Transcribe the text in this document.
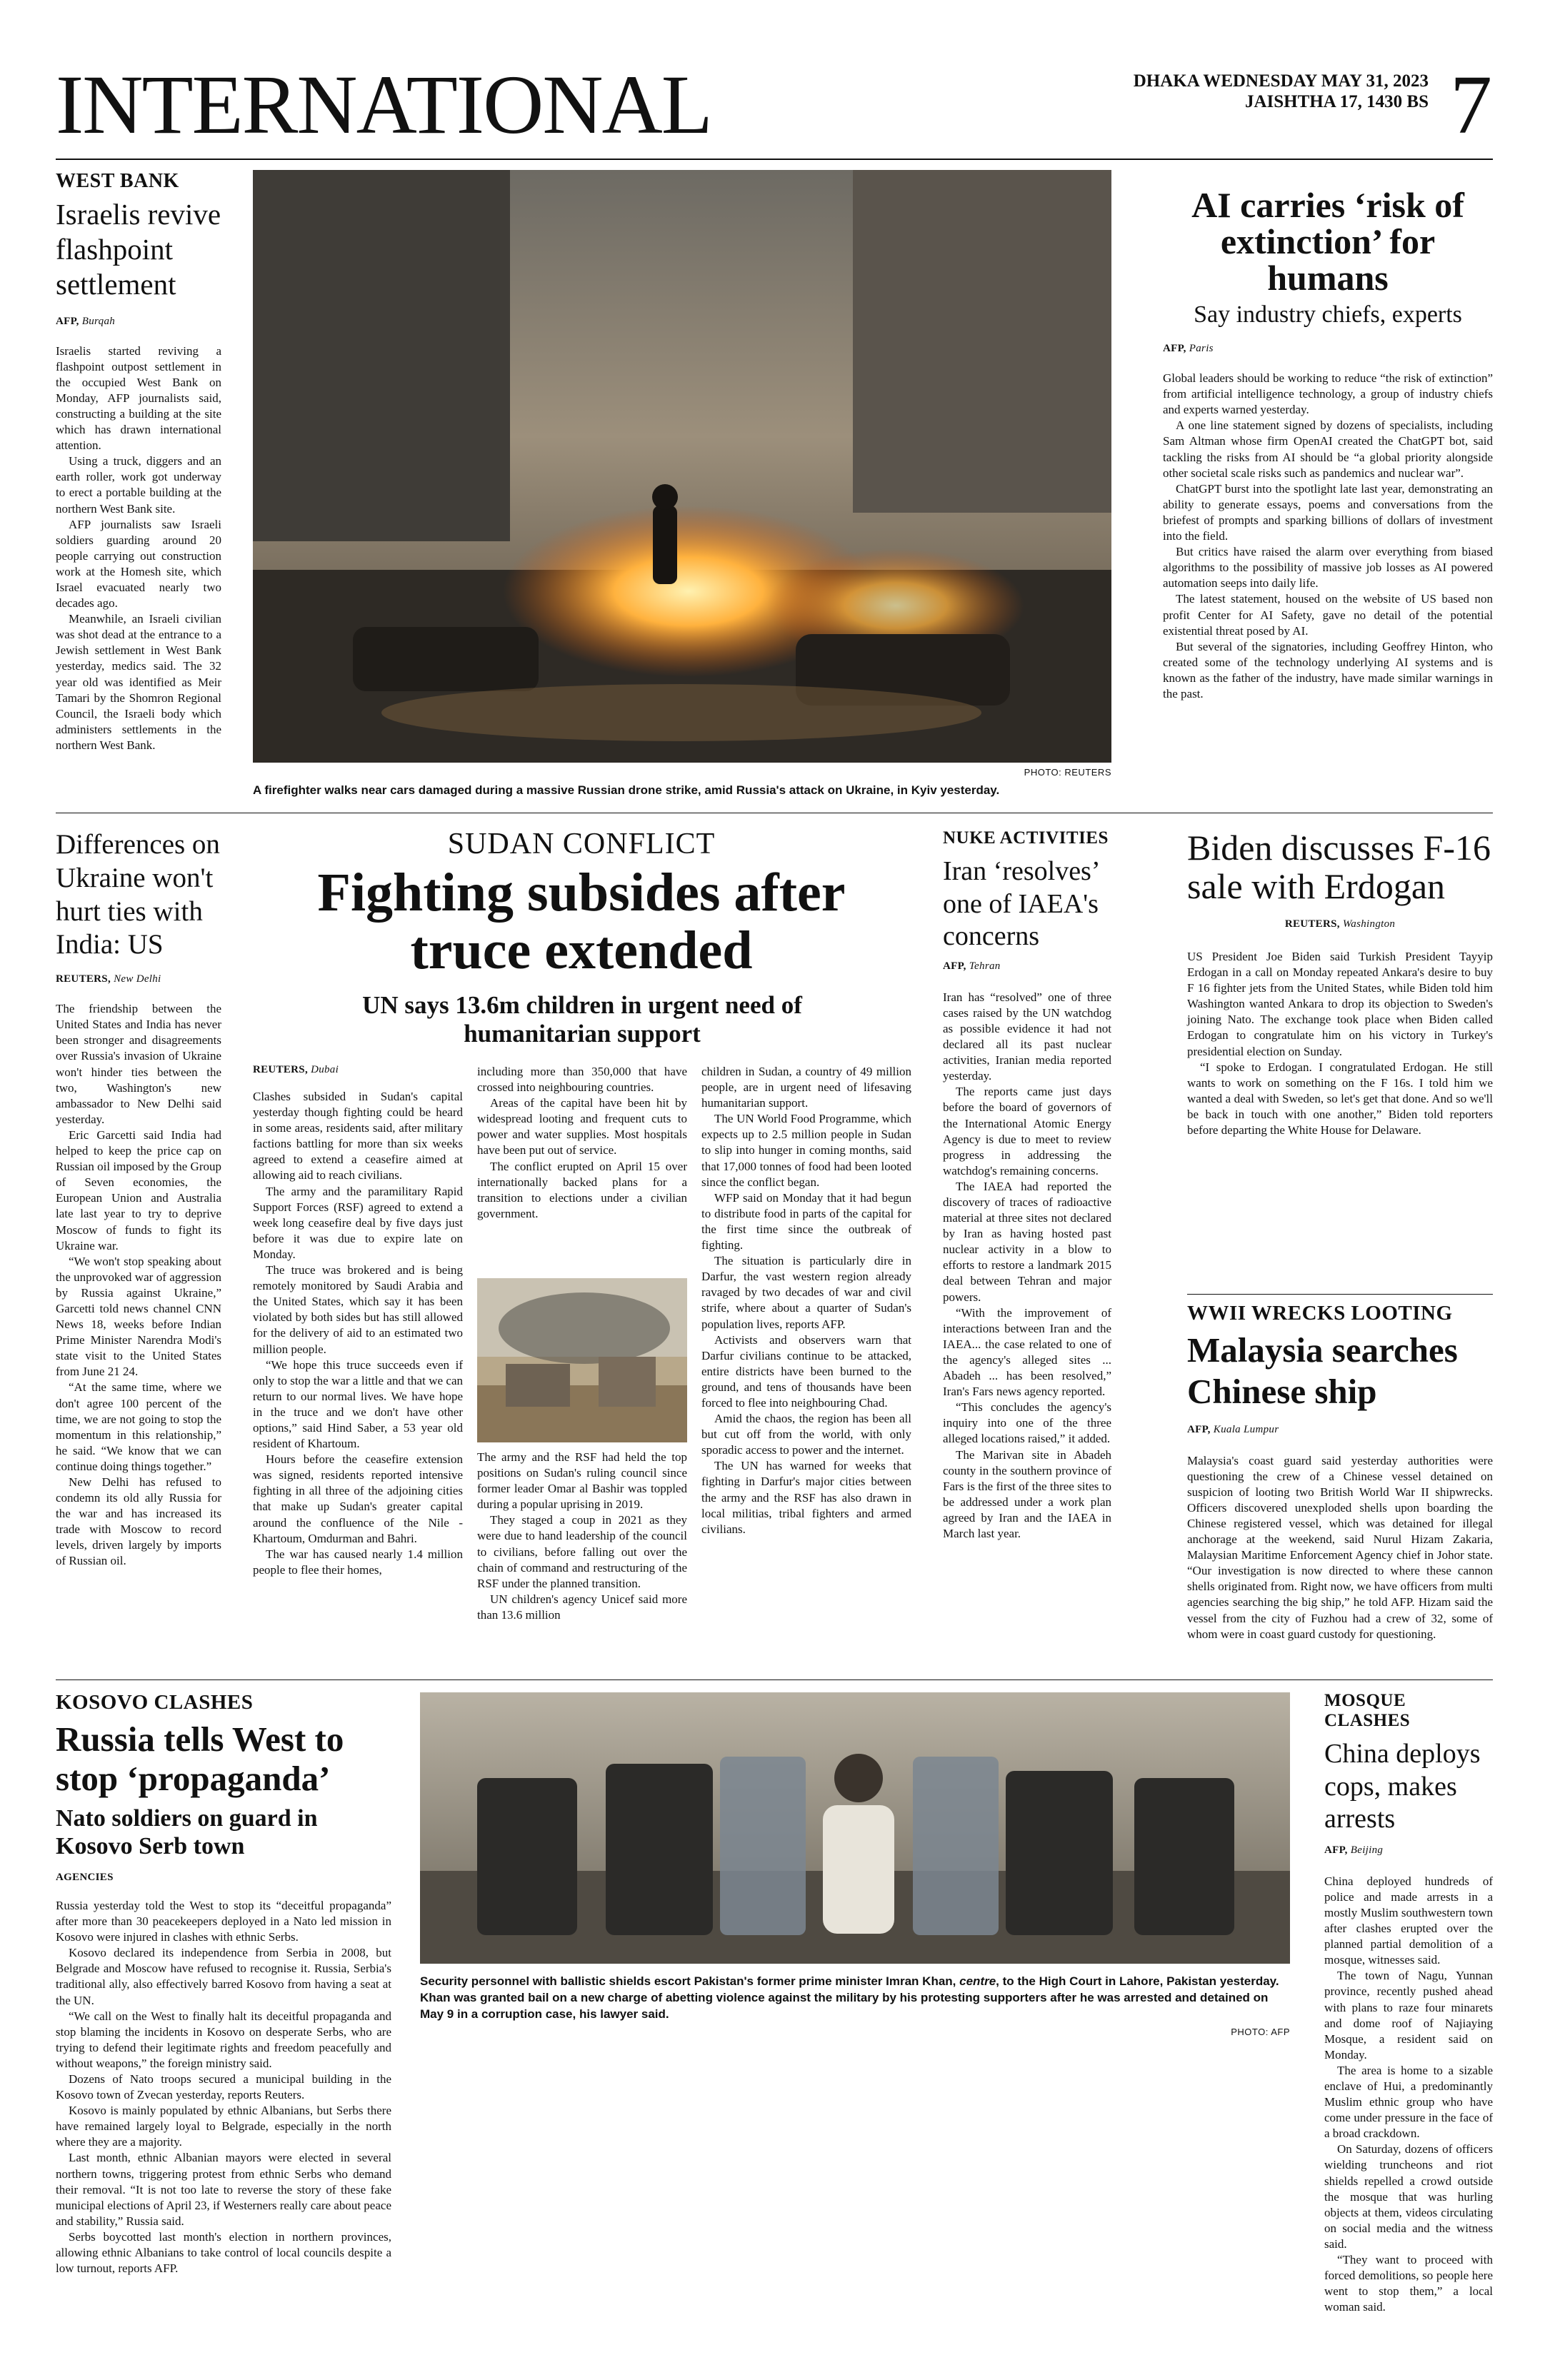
INTERNATIONAL	DHAKA WEDNESDAY MAY 31, 2023
JAISHTHA 17, 1430 BS 7
WEST BANK
Israelis revive flashpoint settlement
AFP, Burqah

Israelis started reviving a flashpoint outpost settlement in the occupied West Bank on Monday, AFP journalists said, constructing a building at the site which has drawn international attention.

Using a truck, diggers and an earth roller, work got underway to erect a portable building at the northern West Bank site.

AFP journalists saw Israeli soldiers guarding around 20 people carrying out construction work at the Homesh site, which Israel evacuated nearly two decades ago.

Meanwhile, an Israeli civilian was shot dead at the entrance to a Jewish settlement in West Bank yesterday, medics said. The 32 year old was identified as Meir Tamari by the Shomron Regional Council, the Israeli body which administers settlements in the northern West Bank.

PHOTO: REUTERS
A firefighter walks near cars damaged during a massive Russian drone strike, amid Russia's attack on Ukraine, in Kyiv yesterday.
AI carries ‘risk of extinction’ for humans
Say industry chiefs, experts
AFP, Paris

Global leaders should be working to reduce “the risk of extinction” from artificial intelligence technology, a group of industry chiefs and experts warned yesterday.

A one line statement signed by dozens of specialists, including Sam Altman whose firm OpenAI created the ChatGPT bot, said tackling the risks from AI should be “a global priority alongside other societal scale risks such as pandemics and nuclear war”.

ChatGPT burst into the spotlight late last year, demonstrating an ability to generate essays, poems and conversations from the briefest of prompts and sparking billions of dollars of investment into the field.

But critics have raised the alarm over everything from biased algorithms to the possibility of massive job losses as AI powered automation seeps into daily life.

The latest statement, housed on the website of US based non profit Center for AI Safety, gave no detail of the potential existential threat posed by AI.

But several of the signatories, including Geoffrey Hinton, who created some of the technology underlying AI systems and is known as the father of the industry, have made similar warnings in the past.

Differences on Ukraine won't hurt ties with India: US
REUTERS, New Delhi

The friendship between the United States and India has never been stronger and disagreements over Russia's invasion of Ukraine won't hinder ties between the two, Washington's new ambassador to New Delhi said yesterday.

Eric Garcetti said India had helped to keep the price cap on Russian oil imposed by the Group of Seven economies, the European Union and Australia late last year to try to deprive Moscow of funds to fight its Ukraine war.

“We won't stop speaking about the unprovoked war of aggression by Russia against Ukraine,” Garcetti told news channel CNN News 18, weeks before Indian Prime Minister Narendra Modi's state visit to the United States from June 21 24.

“At the same time, where we don't agree 100 percent of the time, we are not going to stop the momentum in this relationship,” he said. “We know that we can continue doing things together.”

New Delhi has refused to condemn its old ally Russia for the war and has increased its trade with Moscow to record levels, driven largely by imports of Russian oil.

SUDAN CONFLICT
Fighting subsides after truce extended
UN says 13.6m children in urgent need of humanitarian support
REUTERS, Dubai

Clashes subsided in Sudan's capital yesterday though fighting could be heard in some areas, residents said, after military factions battling for more than six weeks agreed to extend a ceasefire aimed at allowing aid to reach civilians.

The army and the paramilitary Rapid Support Forces (RSF) agreed to extend a week long ceasefire deal by five days just before it was due to expire late on Monday.

The truce was brokered and is being remotely monitored by Saudi Arabia and the United States, which say it has been violated by both sides but has still allowed for the delivery of aid to an estimated two million people.

“We hope this truce succeeds even if only to stop the war a little and that we can return to our normal lives. We have hope in the truce and we don't have other options,” said Hind Saber, a 53 year old resident of Khartoum.

Hours before the ceasefire extension was signed, residents reported intensive fighting in all three of the adjoining cities that make up Sudan's greater capital around the confluence of the Nile - Khartoum, Omdurman and Bahri.

The war has caused nearly 1.4 million people to flee their homes,

including more than 350,000 that have crossed into neighbouring countries.

Areas of the capital have been hit by widespread looting and frequent cuts to power and water supplies. Most hospitals have been put out of service.

The conflict erupted on April 15 over internationally backed plans for a transition to elections under a civilian government.

The army and the RSF had held the top positions on Sudan's ruling council since former leader Omar al Bashir was toppled during a popular uprising in 2019.

They staged a coup in 2021 as they were due to hand leadership of the council to civilians, before falling out over the chain of command and restructuring of the RSF under the planned transition.

UN children's agency Unicef said more than 13.6 million

children in Sudan, a country of 49 million people, are in urgent need of lifesaving humanitarian support.

The UN World Food Programme, which expects up to 2.5 million people in Sudan to slip into hunger in coming months, said that 17,000 tonnes of food had been looted since the conflict began.

WFP said on Monday that it had begun to distribute food in parts of the capital for the first time since the outbreak of fighting.

The situation is particularly dire in Darfur, the vast western region already ravaged by two decades of war and civil strife, where about a quarter of Sudan's population lives, reports AFP.

Activists and observers warn that Darfur civilians continue to be attacked, entire districts have been burned to the ground, and tens of thousands have been forced to flee into neighbouring Chad.

Amid the chaos, the region has been all but cut off from the world, with only sporadic access to power and the internet.

The UN has warned for weeks that fighting in Darfur's major cities between the army and the RSF has also drawn in local militias, tribal fighters and armed civilians.

NUKE ACTIVITIES
Iran ‘resolves’ one of IAEA's concerns
AFP, Tehran

Iran has “resolved” one of three cases raised by the UN watchdog as possible evidence it had not declared all its past nuclear activities, Iranian media reported yesterday.

The reports came just days before the board of governors of the International Atomic Energy Agency is due to meet to review progress in addressing the watchdog's remaining concerns.

The IAEA had reported the discovery of traces of radioactive material at three sites not declared by Iran as having hosted past nuclear activity in a blow to efforts to restore a landmark 2015 deal between Tehran and major powers.

“With the improvement of interactions between Iran and the IAEA... the case related to one of the agency's alleged sites ... Abadeh ... has been resolved,” Iran's Fars news agency reported.

“This concludes the agency's inquiry into one of the three alleged locations raised,” it added.

The Marivan site in Abadeh county in the southern province of Fars is the first of the three sites to be addressed under a work plan agreed by Iran and the IAEA in March last year.

Biden discusses F-16 sale with Erdogan
REUTERS, Washington

US President Joe Biden said Turkish President Tayyip Erdogan in a call on Monday repeated Ankara's desire to buy F 16 fighter jets from the United States, while Biden told him Washington wanted Ankara to drop its objection to Sweden's joining Nato. The exchange took place when Biden called Erdogan to congratulate him on his victory in Turkey's presidential election on Sunday.

“I spoke to Erdogan. I congratulated Erdogan. He still wants to work on something on the F 16s. I told him we wanted a deal with Sweden, so let's get that done. And so we'll be back in touch with one another,” Biden told reporters before departing the White House for Delaware.

WWII WRECKS LOOTING
Malaysia searches Chinese ship
AFP, Kuala Lumpur

Malaysia's coast guard said yesterday authorities were questioning the crew of a Chinese vessel detained on suspicion of looting two British World War II shipwrecks. Officers discovered unexploded shells upon boarding the Chinese registered vessel, which was detained for illegal anchorage at the weekend, said Nurul Hizam Zakaria, Malaysian Maritime Enforcement Agency chief in Johor state. “Our investigation is now directed to where these cannon shells originated from. Right now, we have officers from multi agencies searching the big ship,” he told AFP. Hizam said the vessel from the city of Fuzhou had a crew of 32, some of whom were in coast guard custody for questioning.

KOSOVO CLASHES
Russia tells West to stop ‘propaganda’
Nato soldiers on guard in Kosovo Serb town
AGENCIES

Russia yesterday told the West to stop its “deceitful propaganda” after more than 30 peacekeepers deployed in a Nato led mission in Kosovo were injured in clashes with ethnic Serbs.

Kosovo declared its independence from Serbia in 2008, but Belgrade and Moscow have refused to recognise it. Russia, Serbia's traditional ally, also effectively barred Kosovo from having a seat at the UN.

“We call on the West to finally halt its deceitful propaganda and stop blaming the incidents in Kosovo on desperate Serbs, who are trying to defend their legitimate rights and freedom peacefully and without weapons,” the foreign ministry said.

Dozens of Nato troops secured a municipal building in the Kosovo town of Zvecan yesterday, reports Reuters.

Kosovo is mainly populated by ethnic Albanians, but Serbs there have remained largely loyal to Belgrade, especially in the north where they are a majority.

Last month, ethnic Albanian mayors were elected in several northern towns, triggering protest from ethnic Serbs who demand their removal. “It is not too late to reverse the story of these fake municipal elections of April 23, if Westerners really care about peace and stability,” Russia said.

Serbs boycotted last month's election in northern provinces, allowing ethnic Albanians to take control of local councils despite a low turnout, reports AFP.

Security personnel with ballistic shields escort Pakistan's former prime minister Imran Khan, centre, to the High Court in Lahore, Pakistan yesterday. Khan was granted bail on a new charge of abetting violence against the military by his protesting supporters after he was arrested and detained on May 9 in a corruption case, his lawyer said.
PHOTO: AFP
MOSQUE CLASHES
China deploys cops, makes arrests
AFP, Beijing

China deployed hundreds of police and made arrests in a mostly Muslim southwestern town after clashes erupted over the planned partial demolition of a mosque, witnesses said.

The town of Nagu, Yunnan province, recently pushed ahead with plans to raze four minarets and dome roof of Najiaying Mosque, a resident said on Monday.

The area is home to a sizable enclave of Hui, a predominantly Muslim ethnic group who have come under pressure in the face of a broad crackdown.

On Saturday, dozens of officers wielding truncheons and riot shields repelled a crowd outside the mosque that was hurling objects at them, videos circulating on social media and the witness said.

“They want to proceed with forced demolitions, so people here went to stop them,” a local woman said.
